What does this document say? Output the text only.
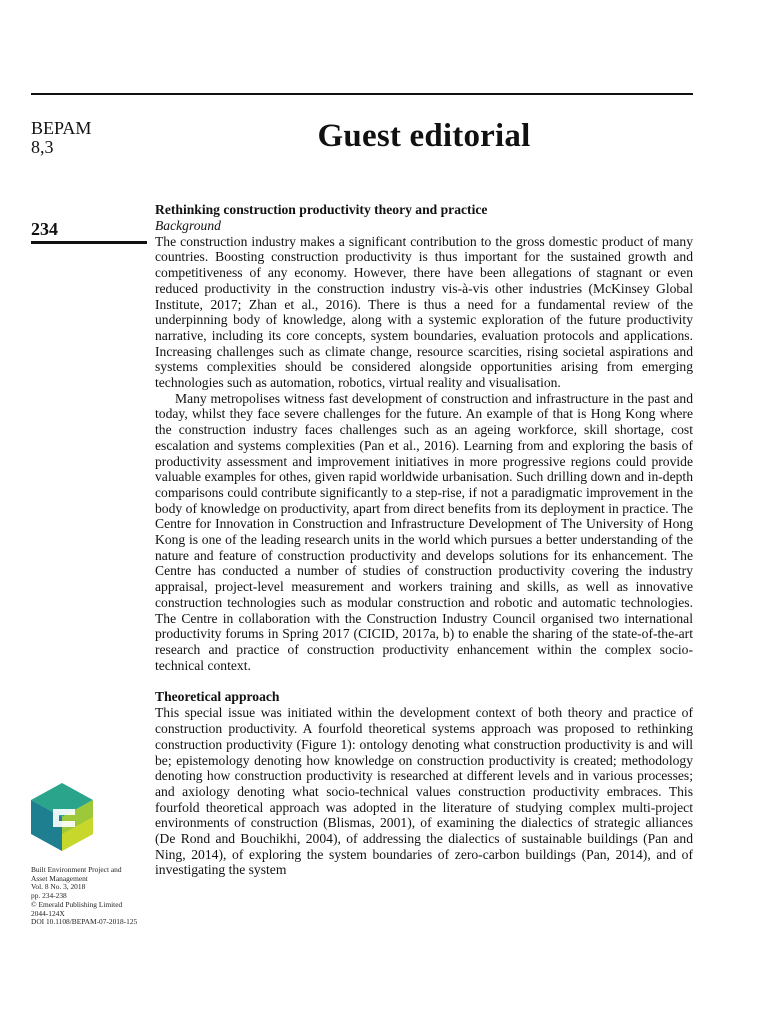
BEPAM
8,3	Guest editorial
234

Rethinking construction productivity theory and practice

Background

The construction industry makes a significant contribution to the gross domestic product of many countries. Boosting construction productivity is thus important for the sustained growth and competitiveness of any economy. However, there have been allegations of stagnant or even reduced productivity in the construction industry vis-à-vis other industries (McKinsey Global Institute, 2017; Zhan et al., 2016). There is thus a need for a fundamental review of the underpinning body of knowledge, along with a systemic exploration of the future productivity narrative, including its core concepts, system boundaries, evaluation protocols and applications. Increasing challenges such as climate change, resource scarcities, rising societal aspirations and systems complexities should be considered alongside opportunities arising from emerging technologies such as automation, robotics, virtual reality and visualisation.

Many metropolises witness fast development of construction and infrastructure in the past and today, whilst they face severe challenges for the future. An example of that is Hong Kong where the construction industry faces challenges such as an ageing workforce, skill shortage, cost escalation and systems complexities (Pan et al., 2016). Learning from and exploring the basis of productivity assessment and improvement initiatives in more progressive regions could provide valuable examples for othes, given rapid worldwide urbanisation. Such drilling down and in-depth comparisons could contribute significantly to a step-rise, if not a paradigmatic improvement in the body of knowledge on productivity, apart from direct benefits from its deployment in practice. The Centre for Innovation in Construction and Infrastructure Development of The University of Hong Kong is one of the leading research units in the world which pursues a better understanding of the nature and feature of construction productivity and develops solutions for its enhancement. The Centre has conducted a number of studies of construction productivity covering the industry appraisal, project-level measurement and workers training and skills, as well as innovative construction technologies such as modular construction and robotic and automatic technologies. The Centre in collaboration with the Construction Industry Council organised two international productivity forums in Spring 2017 (CICID, 2017a, b) to enable the sharing of the state-of-the-art research and practice of construction productivity enhancement within the complex socio-technical context.

Theoretical approach

This special issue was initiated within the development context of both theory and practice of construction productivity. A fourfold theoretical systems approach was proposed to rethinking construction productivity (Figure 1): ontology denoting what construction productivity is and will be; epistemology denoting how knowledge on construction productivity is created; methodology denoting how construction productivity is researched at different levels and in various processes; and axiology denoting what socio-technical values construction productivity embraces. This fourfold theoretical approach was adopted in the literature of studying complex multi-project environments of construction (Blismas, 2001), of examining the dialectics of strategic alliances (De Rond and Bouchikhi, 2004), of addressing the dialectics of sustainable buildings (Pan and Ning, 2014), of exploring the system boundaries of zero-carbon buildings (Pan, 2014), and of investigating the system

Built Environment Project and
Asset Management
Vol. 8 No. 3, 2018
pp. 234-238
© Emerald Publishing Limited
2044-124X
DOI 10.1108/BEPAM-07-2018-125
